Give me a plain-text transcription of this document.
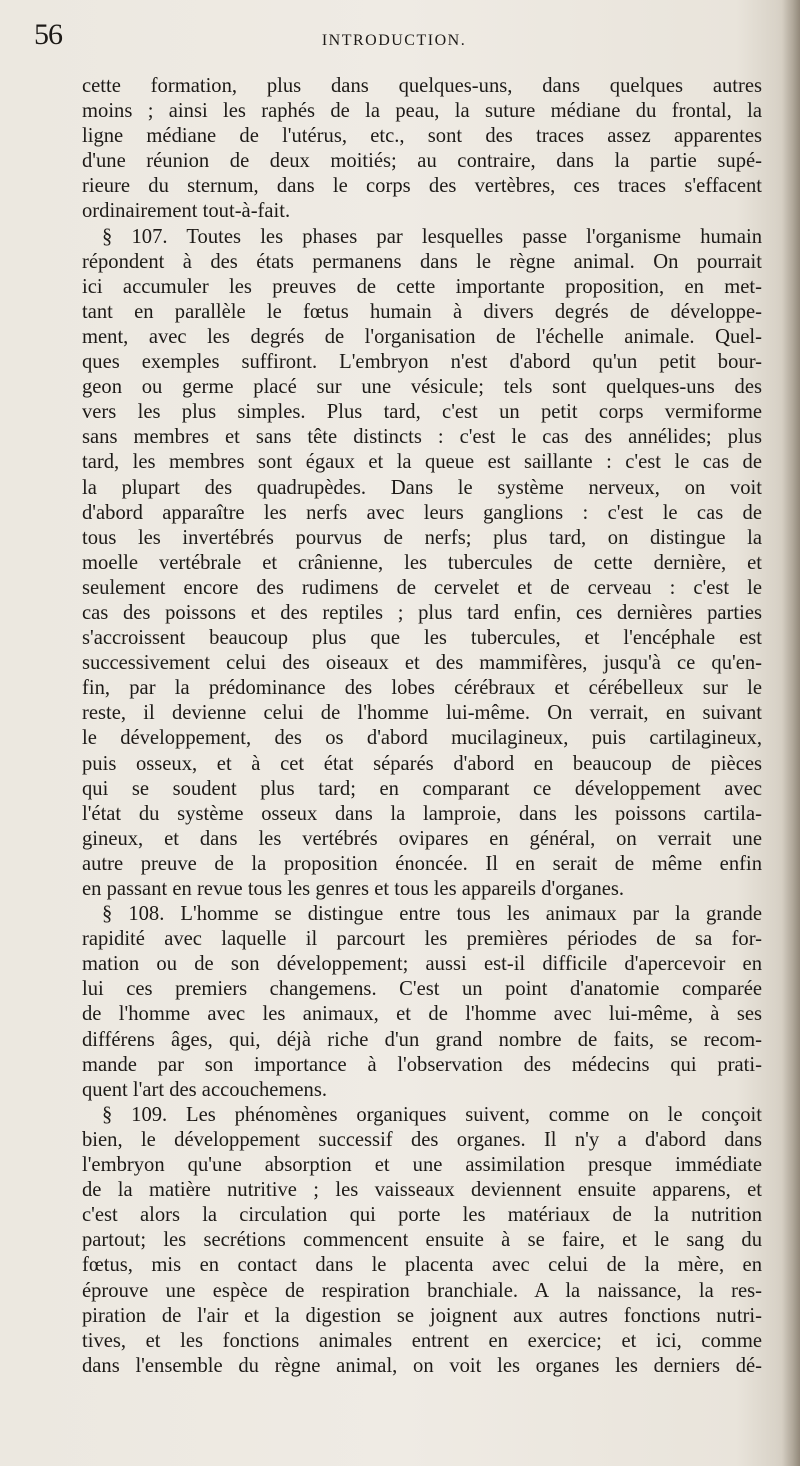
56	INTRODUCTION.
cette formation, plus dans quelques-uns, dans quelques autres
moins ; ainsi les raphés de la peau, la suture médiane du frontal, la
ligne médiane de l'utérus, etc., sont des traces assez apparentes
d'une réunion de deux moitiés; au contraire, dans la partie supé-
rieure du sternum, dans le corps des vertèbres, ces traces s'effacent
ordinairement tout-à-fait.
§ 107. Toutes les phases par lesquelles passe l'organisme humain
répondent à des états permanens dans le règne animal. On pourrait
ici accumuler les preuves de cette importante proposition, en met-
tant en parallèle le fœtus humain à divers degrés de développe-
ment, avec les degrés de l'organisation de l'échelle animale. Quel-
ques exemples suffiront. L'embryon n'est d'abord qu'un petit bour-
geon ou germe placé sur une vésicule; tels sont quelques-uns des
vers les plus simples. Plus tard, c'est un petit corps vermiforme
sans membres et sans tête distincts : c'est le cas des annélides; plus
tard, les membres sont égaux et la queue est saillante : c'est le cas de
la plupart des quadrupèdes. Dans le système nerveux, on voit
d'abord apparaître les nerfs avec leurs ganglions : c'est le cas de
tous les invertébrés pourvus de nerfs; plus tard, on distingue la
moelle vertébrale et crânienne, les tubercules de cette dernière, et
seulement encore des rudimens de cervelet et de cerveau : c'est le
cas des poissons et des reptiles ; plus tard enfin, ces dernières parties
s'accroissent beaucoup plus que les tubercules, et l'encéphale est
successivement celui des oiseaux et des mammifères, jusqu'à ce qu'en-
fin, par la prédominance des lobes cérébraux et cérébelleux sur le
reste, il devienne celui de l'homme lui-même. On verrait, en suivant
le développement, des os d'abord mucilagineux, puis cartilagineux,
puis osseux, et à cet état séparés d'abord en beaucoup de pièces
qui se soudent plus tard; en comparant ce développement avec
l'état du système osseux dans la lamproie, dans les poissons cartila-
gineux, et dans les vertébrés ovipares en général, on verrait une
autre preuve de la proposition énoncée. Il en serait de même enfin
en passant en revue tous les genres et tous les appareils d'organes.
§ 108. L'homme se distingue entre tous les animaux par la grande
rapidité avec laquelle il parcourt les premières périodes de sa for-
mation ou de son développement; aussi est-il difficile d'apercevoir en
lui ces premiers changemens. C'est un point d'anatomie comparée
de l'homme avec les animaux, et de l'homme avec lui-même, à ses
différens âges, qui, déjà riche d'un grand nombre de faits, se recom-
mande par son importance à l'observation des médecins qui prati-
quent l'art des accouchemens.
§ 109. Les phénomènes organiques suivent, comme on le conçoit
bien, le développement successif des organes. Il n'y a d'abord dans
l'embryon qu'une absorption et une assimilation presque immédiate
de la matière nutritive ; les vaisseaux deviennent ensuite apparens, et
c'est alors la circulation qui porte les matériaux de la nutrition
partout; les secrétions commencent ensuite à se faire, et le sang du
fœtus, mis en contact dans le placenta avec celui de la mère, en
éprouve une espèce de respiration branchiale. A la naissance, la res-
piration de l'air et la digestion se joignent aux autres fonctions nutri-
tives, et les fonctions animales entrent en exercice; et ici, comme
dans l'ensemble du règne animal, on voit les organes les derniers dé-
